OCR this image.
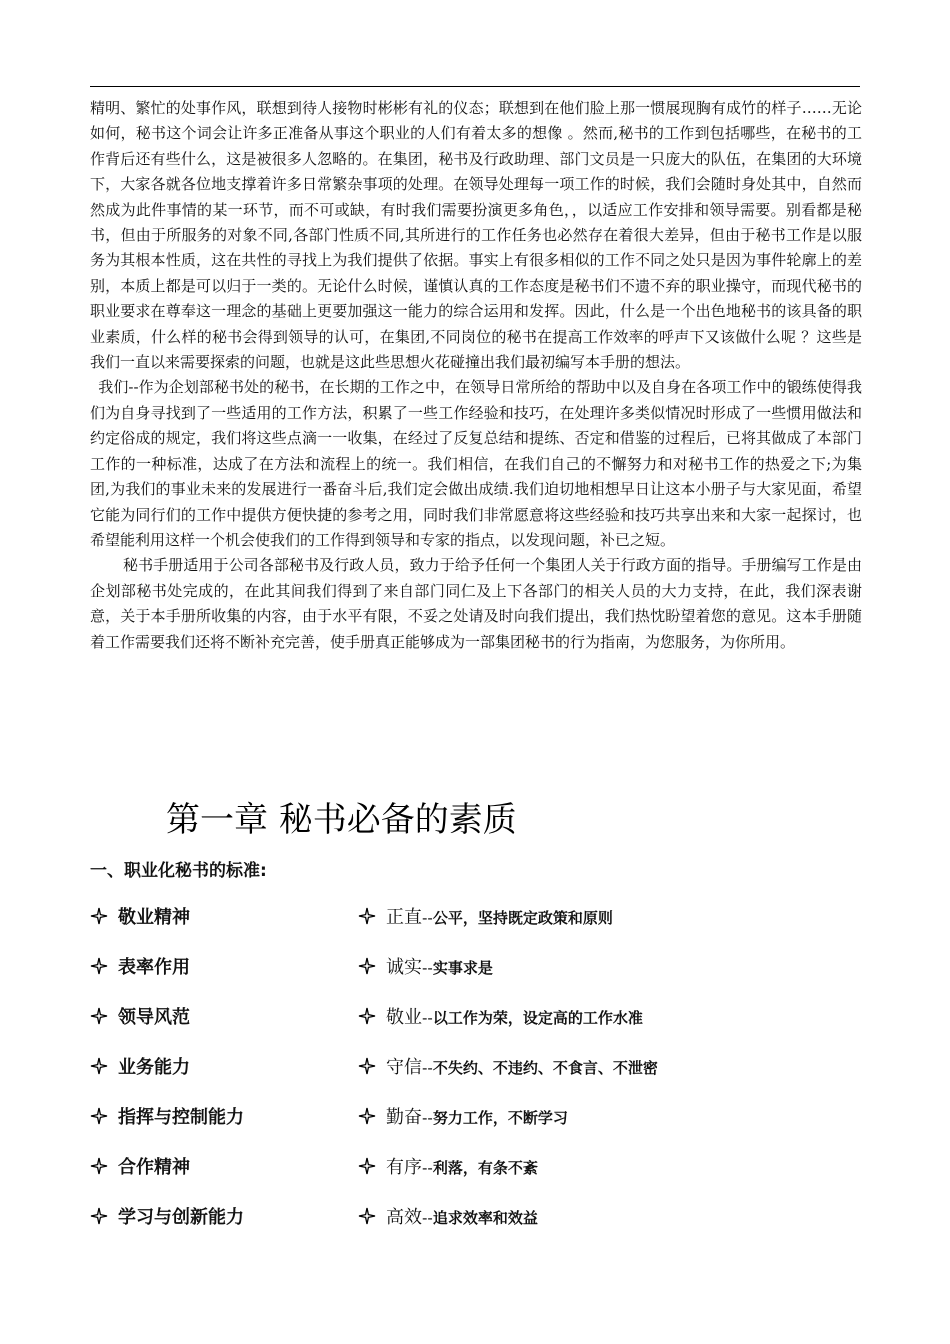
精明、繁忙的处事作风，联想到待人接物时彬彬有礼的仪态；联想到在他们脸上那一惯展现胸有成竹的样子……无论如何，秘书这个词会让许多正准备从事这个职业的人们有着太多的想像 。然而,秘书的工作到包括哪些，在秘书的工作背后还有些什么，这是被很多人忽略的。在集团，秘书及行政助理、部门文员是一只庞大的队伍，在集团的大环境下，大家各就各位地支撑着许多日常繁杂事项的处理。在领导处理每一项工作的时候，我们会随时身处其中，自然而然成为此件事情的某一环节，而不可或缺，有时我们需要扮演更多角色，，以适应工作安排和领导需要。别看都是秘书，但由于所服务的对象不同,各部门性质不同,其所进行的工作任务也必然存在着很大差异，但由于秘书工作是以服务为其根本性质，这在共性的寻找上为我们提供了依据。事实上有很多相似的工作不同之处只是因为事件轮廓上的差别，本质上都是可以归于一类的。无论什么时候，谨慎认真的工作态度是秘书们不遗不弃的职业操守，而现代秘书的职业要求在尊奉这一理念的基础上更要加强这一能力的综合运用和发挥。因此，什么是一个出色地秘书的该具备的职业素质，什么样的秘书会得到领导的认可，在集团,不同岗位的秘书在提高工作效率的呼声下又该做什么呢 ？这些是我们一直以来需要探索的问题，也就是这此些思想火花碰撞出我们最初编写本手册的想法。

我们--作为企划部秘书处的秘书，在长期的工作之中，在领导日常所给的帮助中以及自身在各项工作中的锻练使得我们为自身寻找到了一些适用的工作方法，积累了一些工作经验和技巧，在处理许多类似情况时形成了一些惯用做法和约定俗成的规定，我们将这些点滴一一收集，在经过了反复总结和提练、否定和借鉴的过程后，已将其做成了本部门工作的一种标准，达成了在方法和流程上的统一。我们相信，在我们自己的不懈努力和对秘书工作的热爱之下;为集团,为我们的事业未来的发展进行一番奋斗后,我们定会做出成绩.我们迫切地相想早日让这本小册子与大家见面，希望它能为同行们的工作中提供方便快捷的参考之用，同时我们非常愿意将这些经验和技巧共享出来和大家一起探讨，也希望能利用这样一个机会使我们的工作得到领导和专家的指点，以发现问题，补已之短。

秘书手册适用于公司各部秘书及行政人员，致力于给予任何一个集团人关于行政方面的指导。手册编写工作是由企划部秘书处完成的，在此其间我们得到了来自部门同仁及上下各部门的相关人员的大力支持，在此，我们深表谢意，关于本手册所收集的内容，由于水平有限，不妥之处请及时向我们提出，我们热忱盼望着您的意见。这本手册随着工作需要我们还将不断补充完善，使手册真正能够成为一部集团秘书的行为指南，为您服务，为你所用。

第一章 秘书必备的素质
一、职业化秘书的标准:
敬业精神	正直--公平，坚持既定政策和原则
表率作用	诚实--实事求是
领导风范	敬业--以工作为荣，设定高的工作水准
业务能力	守信--不失约、不违约、不食言、不泄密
指挥与控制能力	勤奋--努力工作，不断学习
合作精神	有序--利落，有条不紊
学习与创新能力	高效--追求效率和效益
